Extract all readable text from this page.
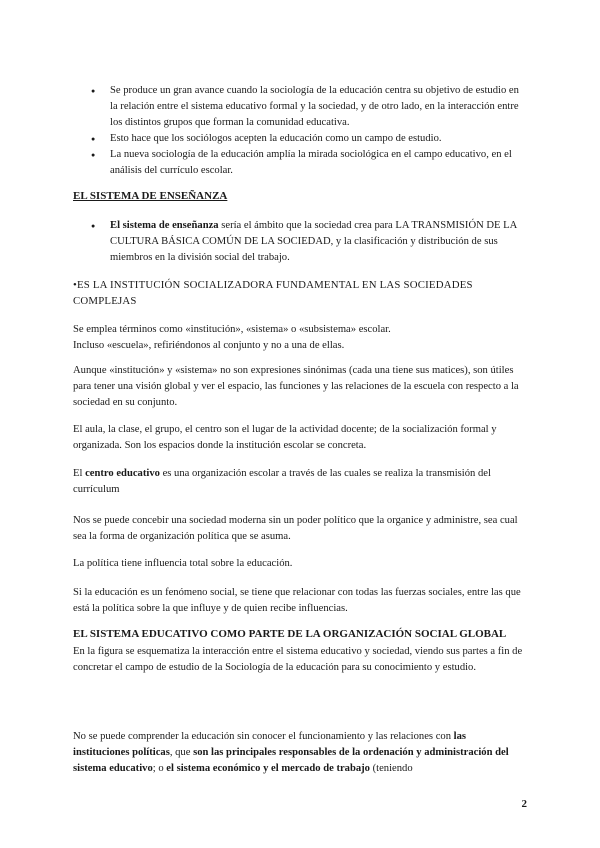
● Se produce un gran avance cuando la sociología de la educación centra su objetivo de estudio en la relación entre el sistema educativo formal y la sociedad, y de otro lado, en la interacción entre los distintos grupos que forman la comunidad educativa.
● Esto hace que los sociólogos acepten la educación como un campo de estudio.
● La nueva sociología de la educación amplía la mirada sociológica en el campo educativo, en el análisis del currículo escolar.
EL SISTEMA DE ENSEÑANZA
● El sistema de enseñanza sería el ámbito que la sociedad crea para LA TRANSMISIÓN DE LA CULTURA BÁSICA COMÚN DE LA SOCIEDAD, y la clasificación y distribución de sus miembros en la división social del trabajo.
•ES LA INSTITUCIÓN SOCIALIZADORA FUNDAMENTAL EN LAS SOCIEDADES COMPLEJAS
Se emplea términos como «institución», «sistema» o «subsistema» escolar.
Incluso «escuela», refiriéndonos al conjunto y no a una de ellas.
Aunque «institución» y «sistema» no son expresiones sinónimas (cada una tiene sus matices), son útiles para tener una visión global y ver el espacio, las funciones y las relaciones de la escuela con respecto a la sociedad en su conjunto.
El aula, la clase, el grupo, el centro son el lugar de la actividad docente; de la socialización formal y organizada. Son los espacios donde la institución escolar se concreta.
El centro educativo es una organización escolar a través de las cuales se realiza la transmisión del currículum
Nos se puede concebir una sociedad moderna sin un poder político que la organice y administre, sea cual sea la forma de organización política que se asuma.
La política tiene influencia total sobre la educación.
Si la educación es un fenómeno social, se tiene que relacionar con todas las fuerzas sociales, entre las que está la política sobre la que influye y de quien recibe influencias.
EL SISTEMA EDUCATIVO COMO PARTE DE LA ORGANIZACIÓN SOCIAL GLOBAL
En la figura se esquematiza la interacción entre el sistema educativo y sociedad, viendo sus partes a fin de concretar el campo de estudio de la Sociología de la educación para su conocimiento y estudio.
No se puede comprender la educación sin conocer el funcionamiento y las relaciones con las instituciones políticas, que son las principales responsables de la ordenación y administración del sistema educativo; o el sistema económico y el mercado de trabajo (teniendo
2
